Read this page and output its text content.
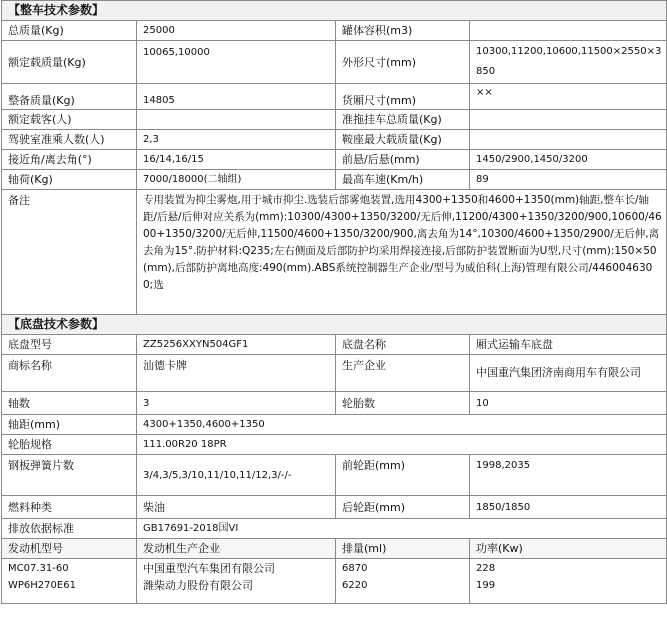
【整车技术参数】			
总质量(Kg)	25000	罐体容积(m3)	
额定载质量(Kg)	10065,10000	外形尺寸(mm)	10300,11200,10600,11500×2550×3850
整备质量(Kg)	14805	货厢尺寸(mm)	××
额定载客(人)		准拖挂车总质量(Kg)	
驾驶室准乘人数(人)	2,3	鞍座最大载质量(Kg)	
接近角/离去角(°)	16/14,16/15	前悬/后悬(mm)	1450/2900,1450/3200
轴荷(Kg)	7000/18000(二轴组)	最高车速(Km/h)	89
备注	专用装置为抑尘雾炮,用于城市抑尘.选装后部雾炮装置,选用4300+1350和4600+1350(mm)轴距,整车长/轴距/后悬/后伸对应关系为(mm):10300/4300+1350/3200/无后伸,11200/4300+1350/3200/900,10600/4600+1350/3200/无后伸,11500/4600+1350/3200/900,离去角为14°,10300/4600+1350/2900/无后伸,离去角为15°.防护材料:Q235;左右侧面及后部防护均采用焊接连接,后部防护装置断面为U型,尺寸(mm):150×50(mm),后部防护离地高度:490(mm).ABS系统控制器生产企业/型号为威伯科(上海)管理有限公司/4460046300;选		
【底盘技术参数】			
底盘型号	ZZ5256XXYN504GF1	底盘名称	厢式运输车底盘
商标名称	汕德卡牌	生产企业	中国重汽集团济南商用车有限公司
轴数	3	轮胎数	10
轴距(mm)	4300+1350,4600+1350		
轮胎规格	111.00R20 18PR		
钢板弹簧片数	3/4,3/5,3/10,11/10,11/12,3/-/-	前轮距(mm)	1998,2035
燃料种类	柴油	后轮距(mm)	1850/1850
排放依据标准	GB17691-2018国VI		
发动机型号	发动机生产企业	排量(ml)	功率(Kw)
MC07.31-60	中国重型汽车集团有限公司	6870	228
WP6H270E61	潍柴动力股份有限公司	6220	199
